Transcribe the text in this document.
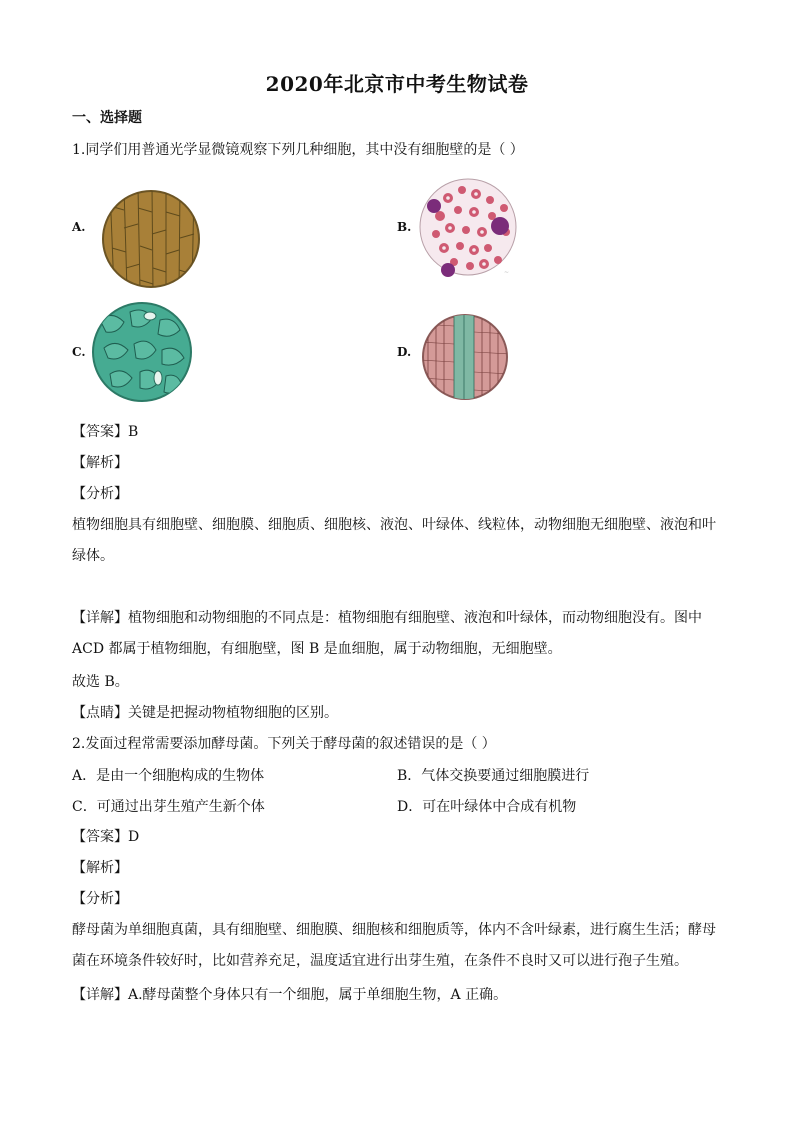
2020年北京市中考生物试卷
一、选择题
1.同学们用普通光学显微镜观察下列几种细胞，其中没有细胞壁的是（ ）
A.	B.
~
C.	D.
【答案】B
【解析】
【分析】
植物细胞具有细胞壁、细胞膜、细胞质、细胞核、液泡、叶绿体、线粒体，动物细胞无细胞壁、液泡和叶绿体。
【详解】植物细胞和动物细胞的不同点是：植物细胞有细胞壁、液泡和叶绿体，而动物细胞没有。图中 ACD 都属于植物细胞，有细胞壁，图 B 是血细胞，属于动物细胞，无细胞壁。
故选 B。
【点睛】关键是把握动物植物细胞的区别。
2.发面过程常需要添加酵母菌。下列关于酵母菌的叙述错误的是（ ）
A．是由一个细胞构成的生物体	B．气体交换要通过细胞膜进行
C．可通过出芽生殖产生新个体	D．可在叶绿体中合成有机物
【答案】D
【解析】
【分析】
酵母菌为单细胞真菌，具有细胞壁、细胞膜、细胞核和细胞质等，体内不含叶绿素，进行腐生生活；酵母菌在环境条件较好时，比如营养充足，温度适宜进行出芽生殖，在条件不良时又可以进行孢子生殖。
【详解】A.酵母菌整个身体只有一个细胞，属于单细胞生物，A 正确。
